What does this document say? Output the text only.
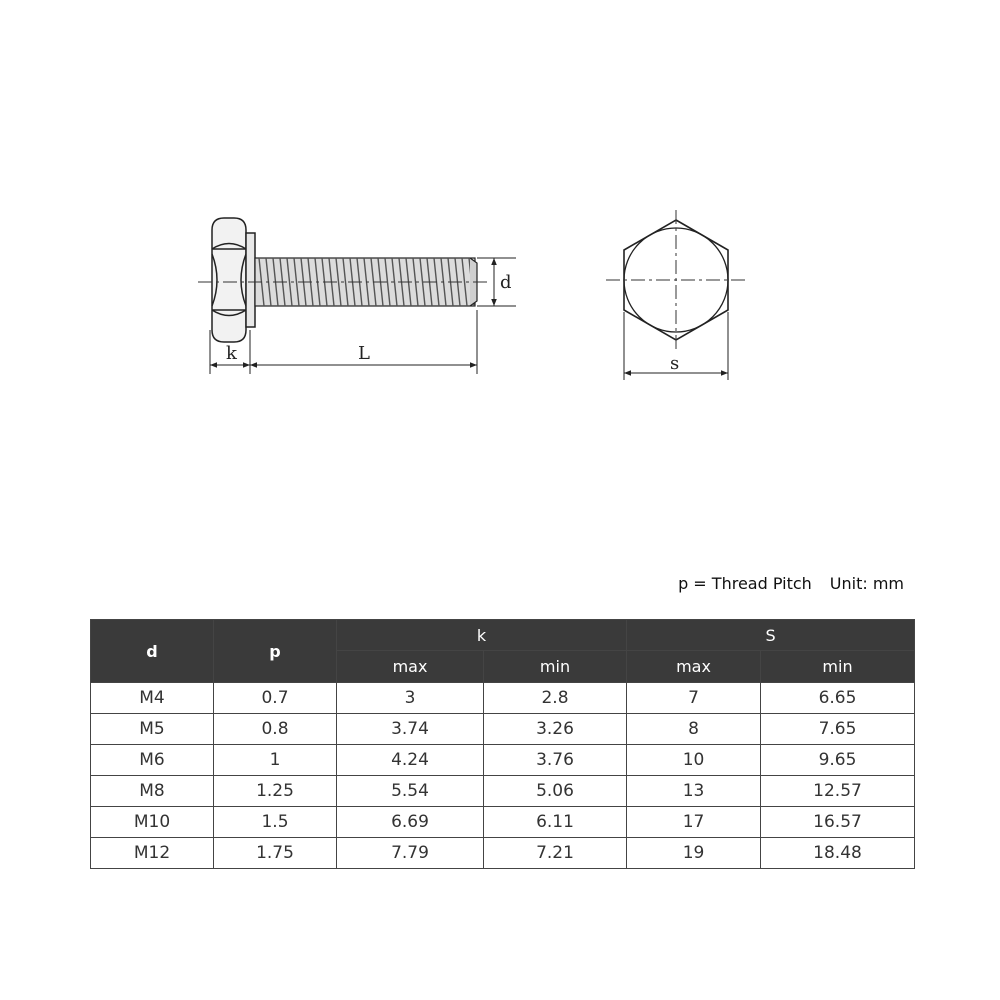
d
k	L	s
p = Thread Pitch Unit: mm
d	p	k		S	
		max	min	max	min
M4	0.7	3	2.8	7	6.65
M5	0.8	3.74	3.26	8	7.65
M6	1	4.24	3.76	10	9.65
M8	1.25	5.54	5.06	13	12.57
M10	1.5	6.69	6.11	17	16.57
M12	1.75	7.79	7.21	19	18.48
